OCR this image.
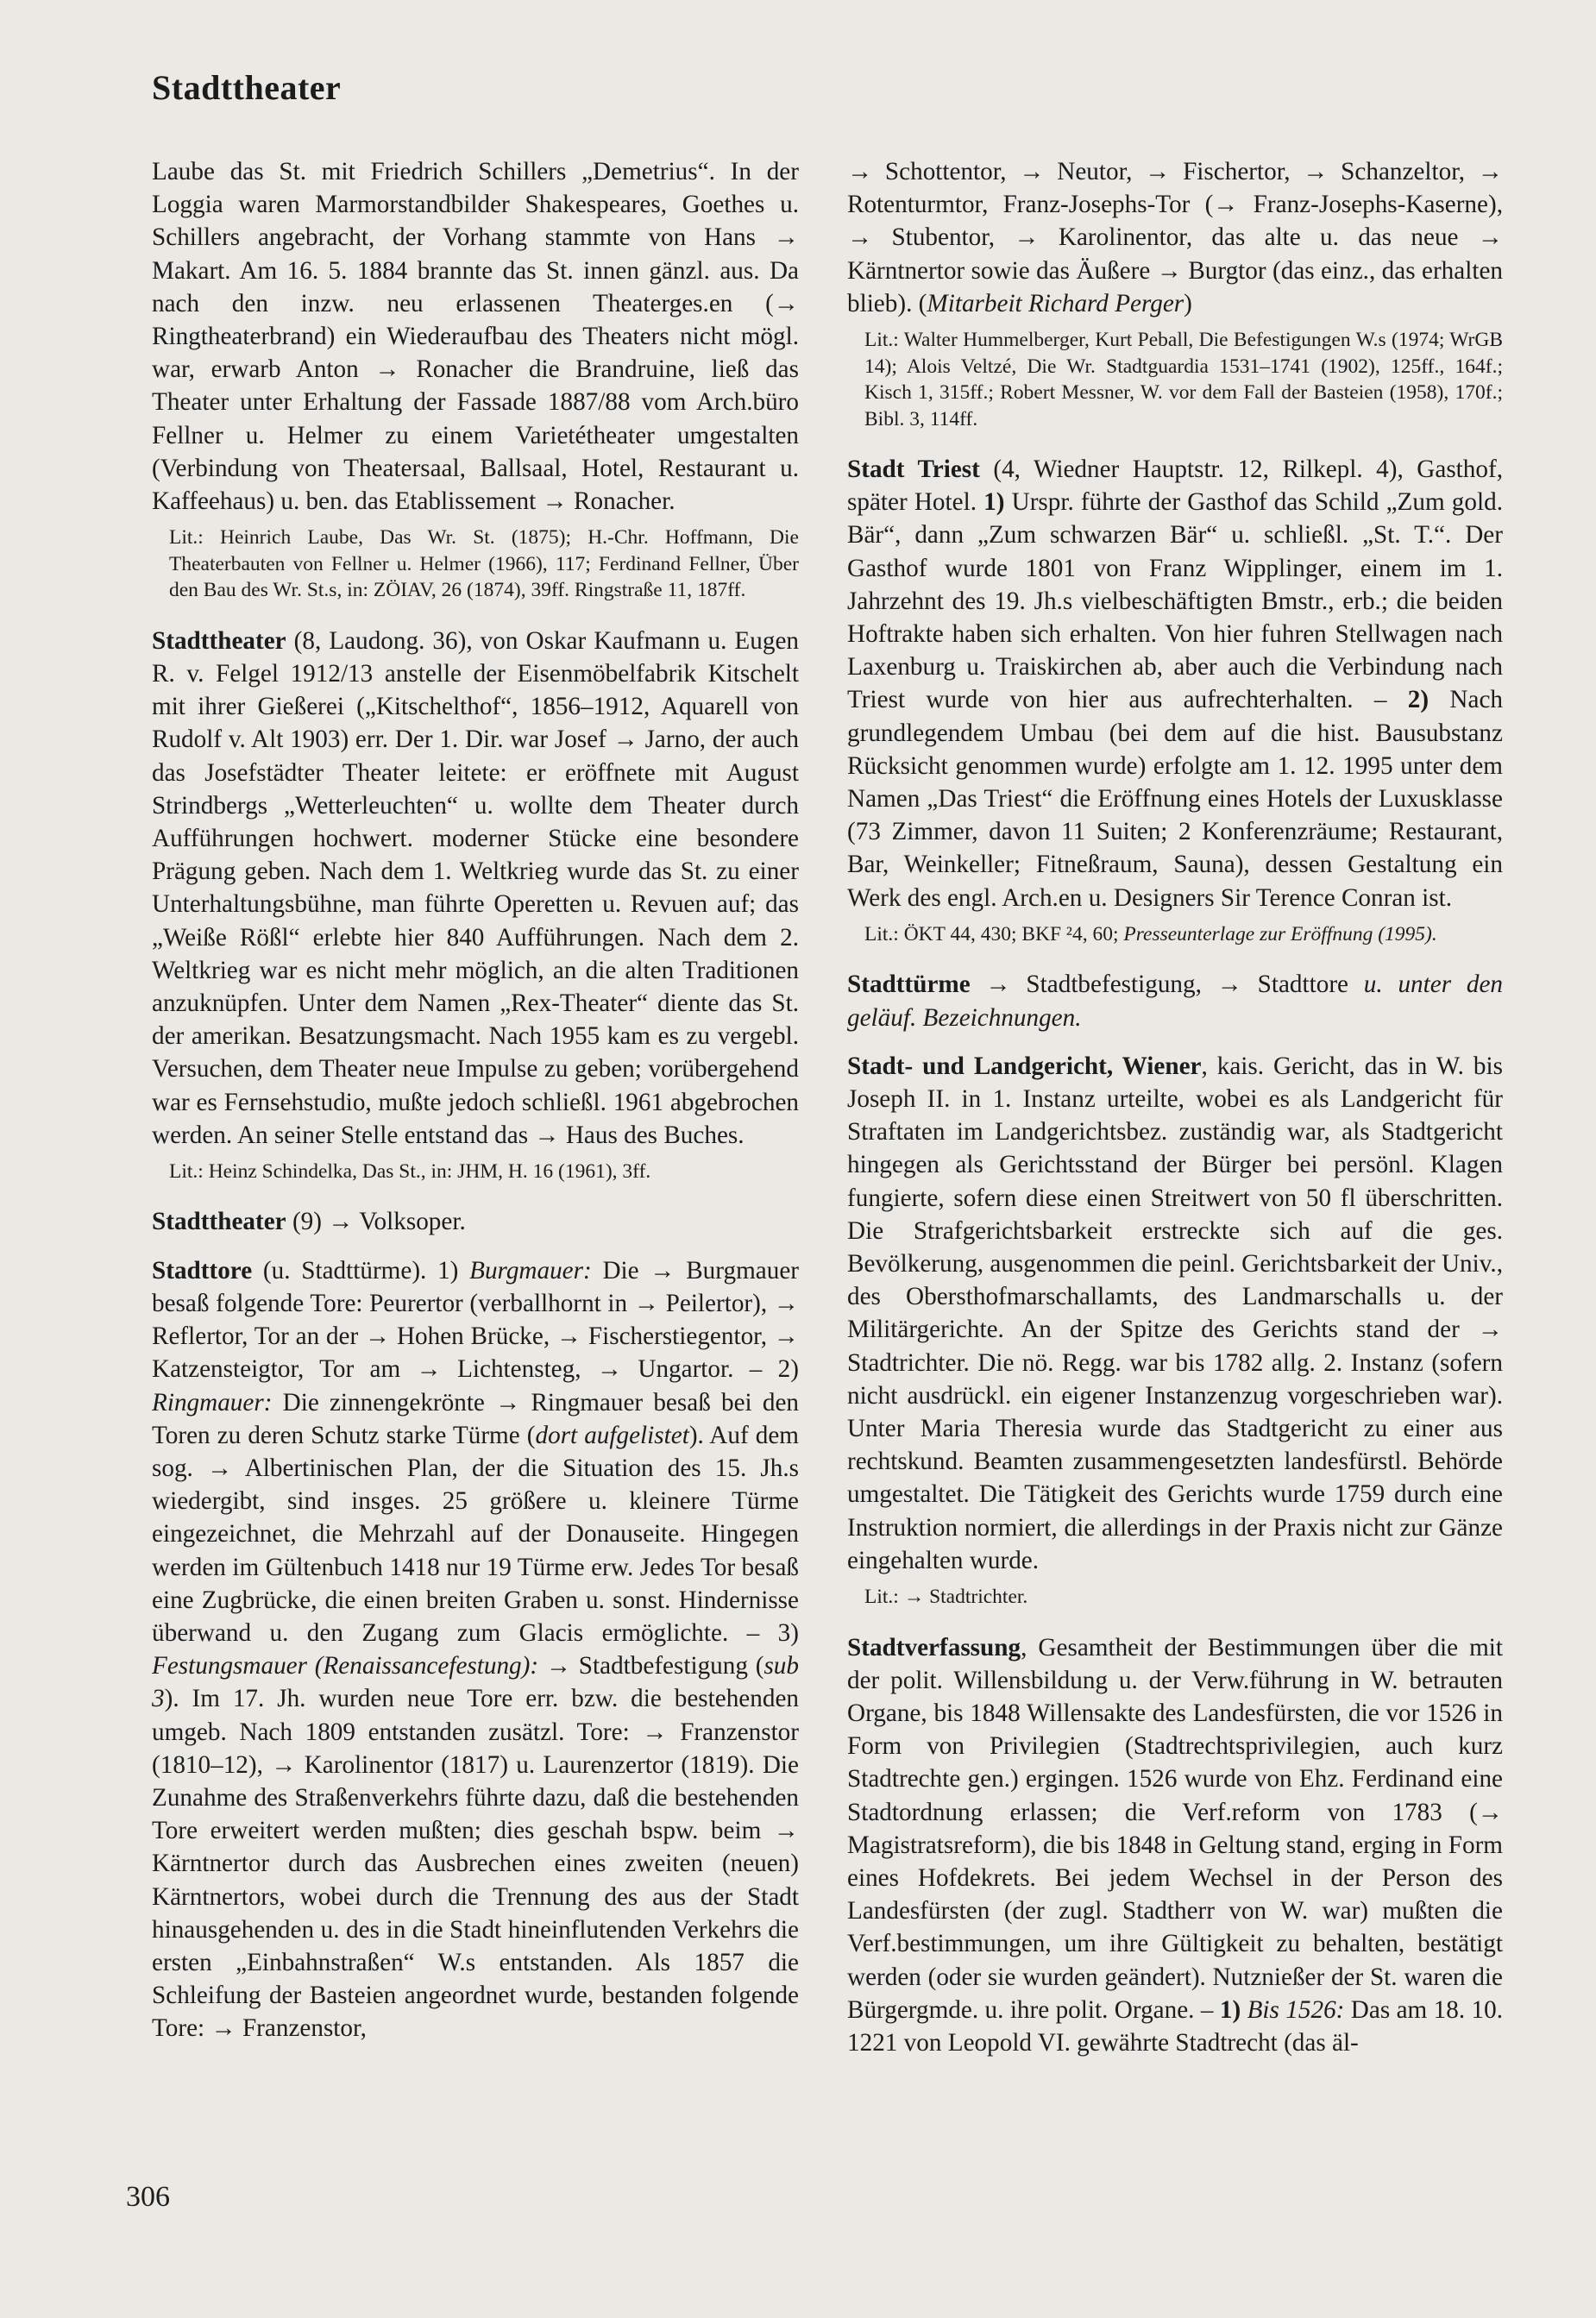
Stadttheater

Laube das St. mit Friedrich Schillers „Demetrius“. In der Loggia waren Marmorstandbilder Shakespeares, Goethes u. Schillers angebracht, der Vorhang stammte von Hans → Makart. Am 16. 5. 1884 brannte das St. innen gänzl. aus. Da nach den inzw. neu erlassenen Theaterges.en (→ Ringtheaterbrand) ein Wiederaufbau des Theaters nicht mögl. war, erwarb Anton → Ronacher die Brandruine, ließ das Theater unter Erhaltung der Fassade 1887/88 vom Arch.büro Fellner u. Helmer zu einem Varietétheater umgestalten (Verbindung von Theatersaal, Ballsaal, Hotel, Restaurant u. Kaffeehaus) u. ben. das Etablissement → Ronacher.

Lit.: Heinrich Laube, Das Wr. St. (1875); H.-Chr. Hoffmann, Die Theaterbauten von Fellner u. Helmer (1966), 117; Ferdinand Fellner, Über den Bau des Wr. St.s, in: ZÖIAV, 26 (1874), 39ff. Ringstraße 11, 187ff.

Stadttheater (8, Laudong. 36), von Oskar Kaufmann u. Eugen R. v. Felgel 1912/13 anstelle der Eisenmöbelfabrik Kitschelt mit ihrer Gießerei („Kitschelthof“, 1856–1912, Aquarell von Rudolf v. Alt 1903) err. Der 1. Dir. war Josef → Jarno, der auch das Josefstädter Theater leitete: er eröffnete mit August Strindbergs „Wetterleuchten“ u. wollte dem Theater durch Aufführungen hochwert. moderner Stücke eine besondere Prägung geben. Nach dem 1. Weltkrieg wurde das St. zu einer Unterhaltungsbühne, man führte Operetten u. Revuen auf; das „Weiße Rößl“ erlebte hier 840 Aufführungen. Nach dem 2. Weltkrieg war es nicht mehr möglich, an die alten Traditionen anzuknüpfen. Unter dem Namen „Rex-Theater“ diente das St. der amerikan. Besatzungsmacht. Nach 1955 kam es zu vergebl. Versuchen, dem Theater neue Impulse zu geben; vorübergehend war es Fernsehstudio, mußte jedoch schließl. 1961 abgebrochen werden. An seiner Stelle entstand das → Haus des Buches.

Lit.: Heinz Schindelka, Das St., in: JHM, H. 16 (1961), 3ff.

Stadttheater (9) → Volksoper.

Stadttore (u. Stadttürme). 1) Burgmauer: Die → Burgmauer besaß folgende Tore: Peurertor (verballhornt in → Peilertor), → Reflertor, Tor an der → Hohen Brücke, → Fischerstiegentor, → Katzensteigtor, Tor am → Lichtensteg, → Ungartor. – 2) Ringmauer: Die zinnengekrönte → Ringmauer besaß bei den Toren zu deren Schutz starke Türme (dort aufgelistet). Auf dem sog. → Albertinischen Plan, der die Situation des 15. Jh.s wiedergibt, sind insges. 25 größere u. kleinere Türme eingezeichnet, die Mehrzahl auf der Donauseite. Hingegen werden im Gültenbuch 1418 nur 19 Türme erw. Jedes Tor besaß eine Zugbrücke, die einen breiten Graben u. sonst. Hindernisse überwand u. den Zugang zum Glacis ermöglichte. – 3) Festungsmauer (Renaissancefestung): → Stadtbefestigung (sub 3). Im 17. Jh. wurden neue Tore err. bzw. die bestehenden umgeb. Nach 1809 entstanden zusätzl. Tore: → Franzenstor (1810–12), → Karolinentor (1817) u. Laurenzertor (1819). Die Zunahme des Straßenverkehrs führte dazu, daß die bestehenden Tore erweitert werden mußten; dies geschah bspw. beim → Kärntnertor durch das Ausbrechen eines zweiten (neuen) Kärntnertors, wobei durch die Trennung des aus der Stadt hinausgehenden u. des in die Stadt hineinflutenden Verkehrs die ersten „Einbahnstraßen“ W.s entstanden. Als 1857 die Schleifung der Basteien angeordnet wurde, bestanden folgende Tore: → Franzenstor,

→ Schottentor, → Neutor, → Fischertor, → Schanzeltor, → Rotenturmtor, Franz-Josephs-Tor (→ Franz-Josephs-Kaserne), → Stubentor, → Karolinentor, das alte u. das neue → Kärntnertor sowie das Äußere → Burgtor (das einz., das erhalten blieb). (Mitarbeit Richard Perger)

Lit.: Walter Hummelberger, Kurt Peball, Die Befestigungen W.s (1974; WrGB 14); Alois Veltzé, Die Wr. Stadtguardia 1531–1741 (1902), 125ff., 164f.; Kisch 1, 315ff.; Robert Messner, W. vor dem Fall der Basteien (1958), 170f.; Bibl. 3, 114ff.

Stadt Triest (4, Wiedner Hauptstr. 12, Rilkepl. 4), Gasthof, später Hotel. 1) Urspr. führte der Gasthof das Schild „Zum gold. Bär“, dann „Zum schwarzen Bär“ u. schließl. „St. T.“. Der Gasthof wurde 1801 von Franz Wipplinger, einem im 1. Jahrzehnt des 19. Jh.s vielbeschäftigten Bmstr., erb.; die beiden Hoftrakte haben sich erhalten. Von hier fuhren Stellwagen nach Laxenburg u. Traiskirchen ab, aber auch die Verbindung nach Triest wurde von hier aus aufrechterhalten. – 2) Nach grundlegendem Umbau (bei dem auf die hist. Bausubstanz Rücksicht genommen wurde) erfolgte am 1. 12. 1995 unter dem Namen „Das Triest“ die Eröffnung eines Hotels der Luxusklasse (73 Zimmer, davon 11 Suiten; 2 Konferenzräume; Restaurant, Bar, Weinkeller; Fitneßraum, Sauna), dessen Gestaltung ein Werk des engl. Arch.en u. Designers Sir Terence Conran ist.

Lit.: ÖKT 44, 430; BKF ²4, 60; Presseunterlage zur Eröffnung (1995).

Stadttürme → Stadtbefestigung, → Stadttore u. unter den geläuf. Bezeichnungen.

Stadt- und Landgericht, Wiener, kais. Gericht, das in W. bis Joseph II. in 1. Instanz urteilte, wobei es als Landgericht für Straftaten im Landgerichtsbez. zuständig war, als Stadtgericht hingegen als Gerichtsstand der Bürger bei persönl. Klagen fungierte, sofern diese einen Streitwert von 50 fl überschritten. Die Strafgerichtsbarkeit erstreckte sich auf die ges. Bevölkerung, ausgenommen die peinl. Gerichtsbarkeit der Univ., des Obersthofmarschallamts, des Landmarschalls u. der Militärgerichte. An der Spitze des Gerichts stand der → Stadtrichter. Die nö. Regg. war bis 1782 allg. 2. Instanz (sofern nicht ausdrückl. ein eigener Instanzenzug vorgeschrieben war). Unter Maria Theresia wurde das Stadtgericht zu einer aus rechtskund. Beamten zusammengesetzten landesfürstl. Behörde umgestaltet. Die Tätigkeit des Gerichts wurde 1759 durch eine Instruktion normiert, die allerdings in der Praxis nicht zur Gänze eingehalten wurde.

Lit.: → Stadtrichter.

Stadtverfassung, Gesamtheit der Bestimmungen über die mit der polit. Willensbildung u. der Verw.führung in W. betrauten Organe, bis 1848 Willensakte des Landesfürsten, die vor 1526 in Form von Privilegien (Stadtrechtsprivilegien, auch kurz Stadtrechte gen.) ergingen. 1526 wurde von Ehz. Ferdinand eine Stadtordnung erlassen; die Verf.reform von 1783 (→ Magistratsreform), die bis 1848 in Geltung stand, erging in Form eines Hofdekrets. Bei jedem Wechsel in der Person des Landesfürsten (der zugl. Stadtherr von W. war) mußten die Verf.bestimmungen, um ihre Gültigkeit zu behalten, bestätigt werden (oder sie wurden geändert). Nutznießer der St. waren die Bürgergmde. u. ihre polit. Organe. – 1) Bis 1526: Das am 18. 10. 1221 von Leopold VI. gewährte Stadtrecht (das äl-

306
